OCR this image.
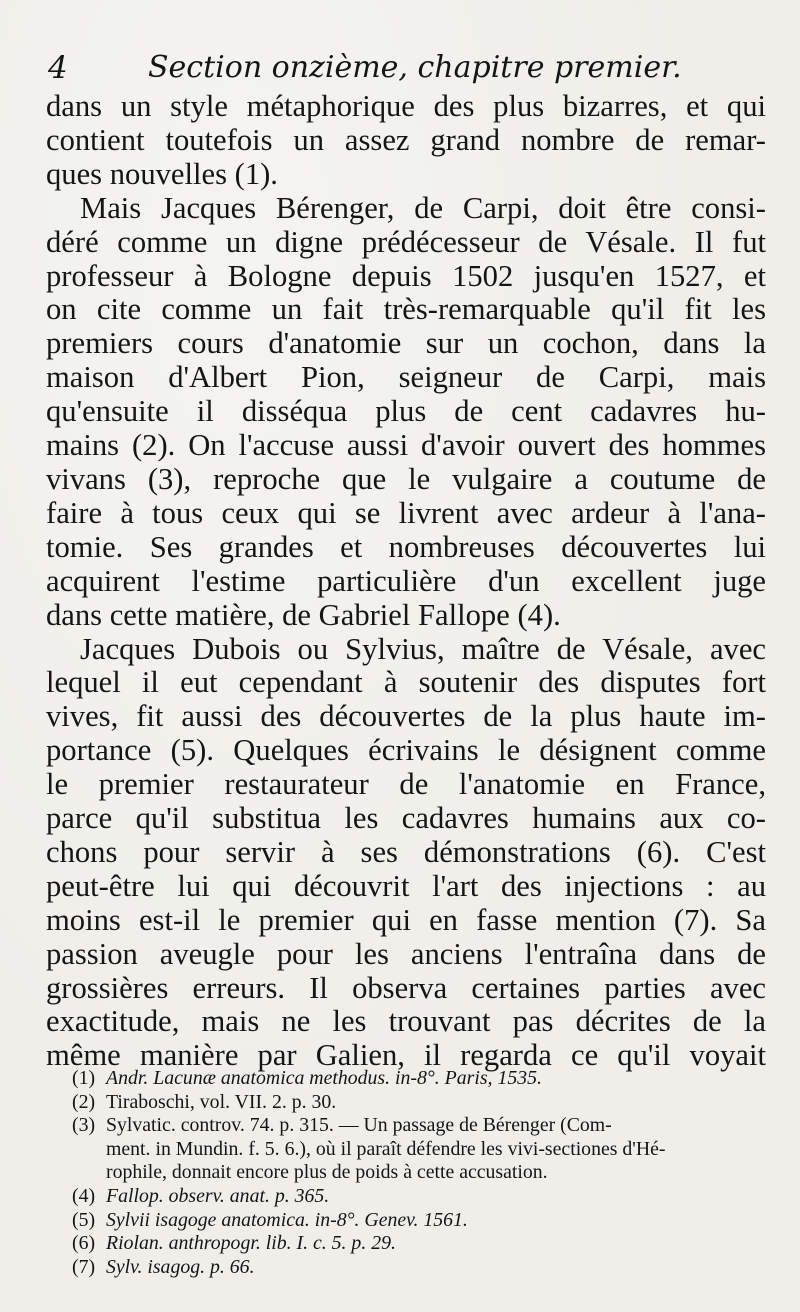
4	Section onzième, chapitre premier.
dans un style métaphorique des plus bizarres, et qui
contient toutefois un assez grand nombre de remar-
ques nouvelles (1).
Mais Jacques Bérenger, de Carpi, doit être consi-
déré comme un digne prédécesseur de Vésale. Il fut
professeur à Bologne depuis 1502 jusqu'en 1527, et
on cite comme un fait très-remarquable qu'il fit les
premiers cours d'anatomie sur un cochon, dans la
maison d'Albert Pion, seigneur de Carpi, mais
qu'ensuite il disséqua plus de cent cadavres hu-
mains (2). On l'accuse aussi d'avoir ouvert des hommes
vivans (3), reproche que le vulgaire a coutume de
faire à tous ceux qui se livrent avec ardeur à l'ana-
tomie. Ses grandes et nombreuses découvertes lui
acquirent l'estime particulière d'un excellent juge
dans cette matière, de Gabriel Fallope (4).
Jacques Dubois ou Sylvius, maître de Vésale, avec
lequel il eut cependant à soutenir des disputes fort
vives, fit aussi des découvertes de la plus haute im-
portance (5). Quelques écrivains le désignent comme
le premier restaurateur de l'anatomie en France,
parce qu'il substitua les cadavres humains aux co-
chons pour servir à ses démonstrations (6). C'est
peut-être lui qui découvrit l'art des injections : au
moins est-il le premier qui en fasse mention (7). Sa
passion aveugle pour les anciens l'entraîna dans de
grossières erreurs. Il observa certaines parties avec
exactitude, mais ne les trouvant pas décrites de la
même manière par Galien, il regarda ce qu'il voyait
(1) Andr. Lacunæ anatomica methodus. in-8°. Paris, 1535.
(2) Tiraboschi, vol. VII. 2. p. 30.
(3) Sylvatic. controv. 74. p. 315. — Un passage de Bérenger (Com-
ment. in Mundin. f. 5. 6.), où il paraît défendre les vivi-sectiones d'Hé-
rophile, donnait encore plus de poids à cette accusation.
(4) Fallop. observ. anat. p. 365.
(5) Sylvii isagoge anatomica. in-8°. Genev. 1561.
(6) Riolan. anthropogr. lib. I. c. 5. p. 29.
(7) Sylv. isagog. p. 66.
